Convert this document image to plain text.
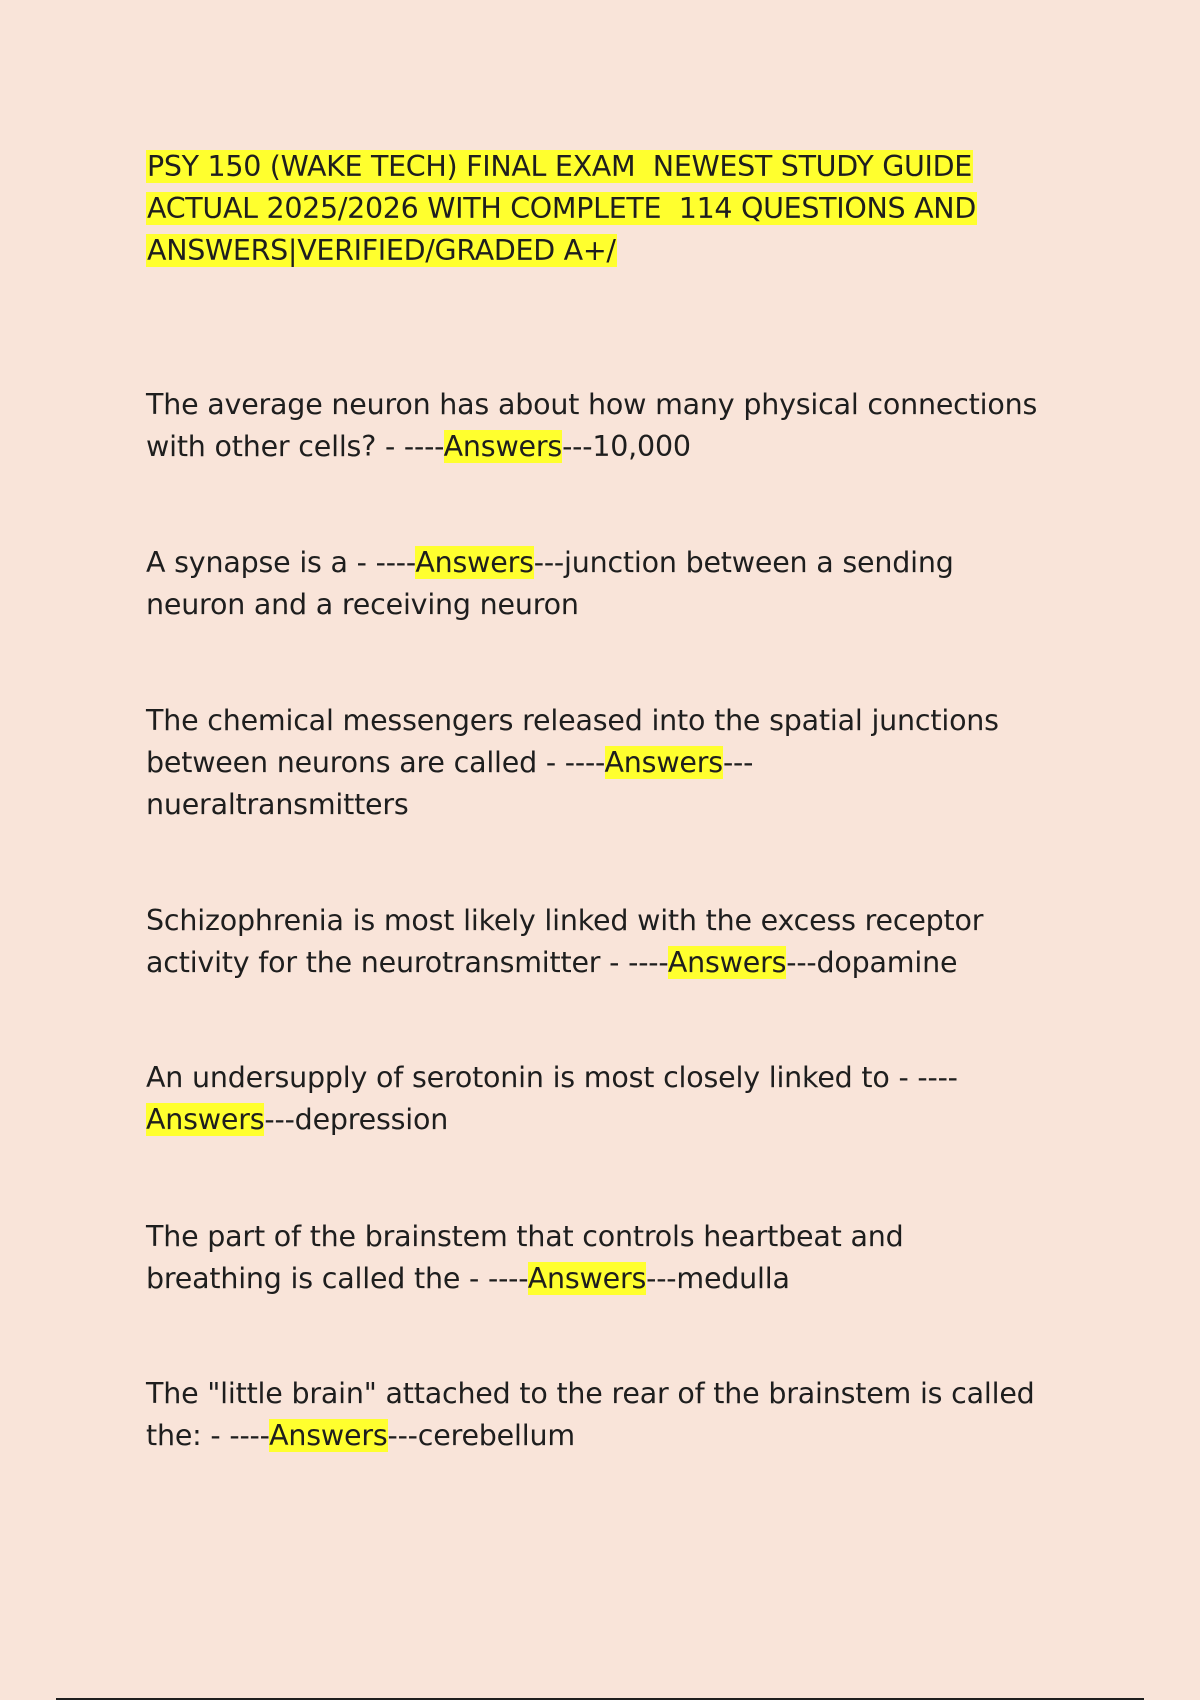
PSY 150 (WAKE TECH) FINAL EXAM  NEWEST STUDY GUIDE
ACTUAL 2025/2026 WITH COMPLETE  114 QUESTIONS AND
ANSWERS|VERIFIED/GRADED A+/

The average neuron has about how many physical connections
with other cells? - ----Answers---10,000

A synapse is a - ----Answers---junction between a sending
neuron and a receiving neuron

The chemical messengers released into the spatial junctions
between neurons are called - ----Answers---
nueraltransmitters

Schizophrenia is most likely linked with the excess receptor
activity for the neurotransmitter - ----Answers---dopamine

An undersupply of serotonin is most closely linked to - ----
Answers---depression

The part of the brainstem that controls heartbeat and
breathing is called the - ----Answers---medulla

The "little brain" attached to the rear of the brainstem is called
the: - ----Answers---cerebellum
